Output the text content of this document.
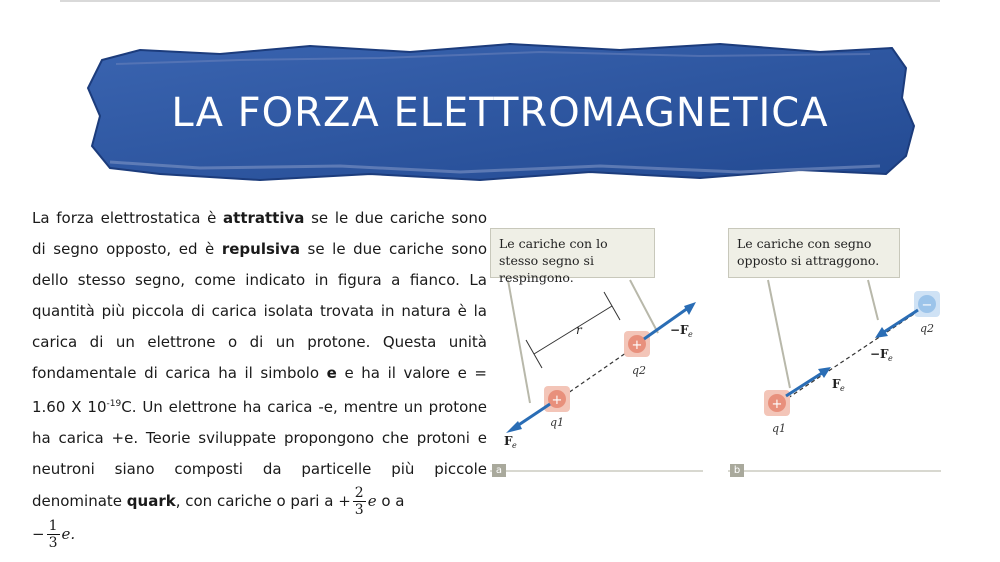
LA FORZA ELETTROMAGNETICA
La forza elettrostatica è attrattiva se le due cariche sono di segno opposto, ed è repulsiva se le due cariche sono dello stesso segno, come indicato in figura a fianco. La quantità più piccola di carica isolata trovata in natura è la carica di un elettrone o di un protone. Questa unità fondamentale di carica ha il simbolo e e ha il valore e = 1.60 X $10^{-19}C$. Un elettrone ha carica -e, mentre un protone ha carica +e. Teorie sviluppate propongono che protoni e neutroni siano composti da particelle più piccole denominate quark, con cariche o pari $a + \frac{2}{3}$ e o a
− $\frac{1}{3} e$.
r
+
+
q1
q2
F e
−F e
Le cariche con lo stesso segno si respingono.
a
+
−
q1
q2
F e
−F e
Le cariche con segno opposto si attraggono.
b
